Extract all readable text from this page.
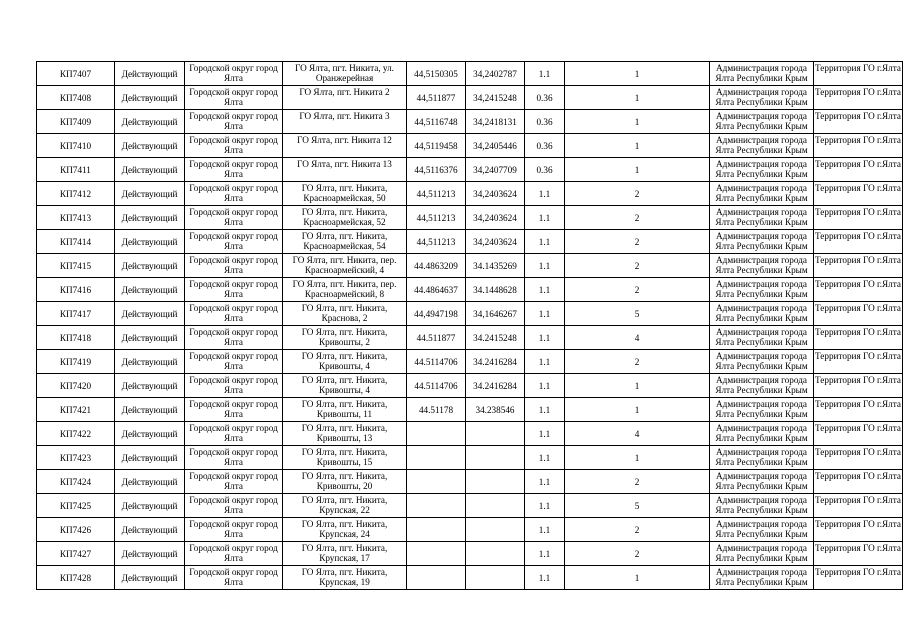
КП7407	Действующий	Городской округ город Ялта	ГО Ялта, пгт. Никита, ул. Оранжерейная	44,5150305	34,2402787	1.1	1	Администрация города Ялта Республики Крым	Территория ГО г.Ялта
КП7408	Действующий	Городской округ город Ялта	ГО Ялта, пгт. Никита 2	44,511877	34,2415248	0.36	1	Администрация города Ялта Республики Крым	Территория ГО г.Ялта
КП7409	Действующий	Городской округ город Ялта	ГО Ялта, пгт. Никита 3	44,5116748	34,2418131	0.36	1	Администрация города Ялта Республики Крым	Территория ГО г.Ялта
КП7410	Действующий	Городской округ город Ялта	ГО Ялта, пгт. Никита 12	44,5119458	34,2405446	0.36	1	Администрация города Ялта Республики Крым	Территория ГО г.Ялта
КП7411	Действующий	Городской округ город Ялта	ГО Ялта, пгт. Никита 13	44,5116376	34,2407709	0.36	1	Администрация города Ялта Республики Крым	Территория ГО г.Ялта
КП7412	Действующий	Городской округ город Ялта	ГО Ялта, пгт. Никита, Красноармейская, 50	44,511213	34,2403624	1.1	2	Администрация города Ялта Республики Крым	Территория ГО г.Ялта
КП7413	Действующий	Городской округ город Ялта	ГО Ялта, пгт. Никита, Красноармейская, 52	44,511213	34,2403624	1.1	2	Администрация города Ялта Республики Крым	Территория ГО г.Ялта
КП7414	Действующий	Городской округ город Ялта	ГО Ялта, пгт. Никита, Красноармейская, 54	44,511213	34,2403624	1.1	2	Администрация города Ялта Республики Крым	Территория ГО г.Ялта
КП7415	Действующий	Городской округ город Ялта	ГО Ялта, пгт. Никита, пер. Красноармейский, 4	44.4863209	34.1435269	1.1	2	Администрация города Ялта Республики Крым	Территория ГО г.Ялта
КП7416	Действующий	Городской округ город Ялта	ГО Ялта, пгт. Никита, пер. Красноармейский, 8	44.4864637	34.1448628	1.1	2	Администрация города Ялта Республики Крым	Территория ГО г.Ялта
КП7417	Действующий	Городской округ город Ялта	ГО Ялта, пгт. Никита, Краснова, 2	44,4947198	34,1646267	1.1	5	Администрация города Ялта Республики Крым	Территория ГО г.Ялта
КП7418	Действующий	Городской округ город Ялта	ГО Ялта, пгт. Никита, Кривошты, 2	44.511877	34.2415248	1.1	4	Администрация города Ялта Республики Крым	Территория ГО г.Ялта
КП7419	Действующий	Городской округ город Ялта	ГО Ялта, пгт. Никита, Кривошты, 4	44.5114706	34.2416284	1.1	2	Администрация города Ялта Республики Крым	Территория ГО г.Ялта
КП7420	Действующий	Городской округ город Ялта	ГО Ялта, пгт. Никита, Кривошты, 4	44.5114706	34.2416284	1.1	1	Администрация города Ялта Республики Крым	Территория ГО г.Ялта
КП7421	Действующий	Городской округ город Ялта	ГО Ялта, пгт. Никита, Кривошты, 11	44.51178	34.238546	1.1	1	Администрация города Ялта Республики Крым	Территория ГО г.Ялта
КП7422	Действующий	Городской округ город Ялта	ГО Ялта, пгт. Никита, Кривошты, 13			1.1	4	Администрация города Ялта Республики Крым	Территория ГО г.Ялта
КП7423	Действующий	Городской округ город Ялта	ГО Ялта, пгт. Никита, Кривошты, 15			1.1	1	Администрация города Ялта Республики Крым	Территория ГО г.Ялта
КП7424	Действующий	Городской округ город Ялта	ГО Ялта, пгт. Никита, Кривошты, 20			1.1	2	Администрация города Ялта Республики Крым	Территория ГО г.Ялта
КП7425	Действующий	Городской округ город Ялта	ГО Ялта, пгт. Никита, Крупская, 22			1.1	5	Администрация города Ялта Республики Крым	Территория ГО г.Ялта
КП7426	Действующий	Городской округ город Ялта	ГО Ялта, пгт. Никита, Крупская, 24			1.1	2	Администрация города Ялта Республики Крым	Территория ГО г.Ялта
КП7427	Действующий	Городской округ город Ялта	ГО Ялта, пгт. Никита, Крупская, 17			1.1	2	Администрация города Ялта Республики Крым	Территория ГО г.Ялта
КП7428	Действующий	Городской округ город Ялта	ГО Ялта, пгт. Никита, Крупская, 19			1.1	1	Администрация города Ялта Республики Крым	Территория ГО г.Ялта
